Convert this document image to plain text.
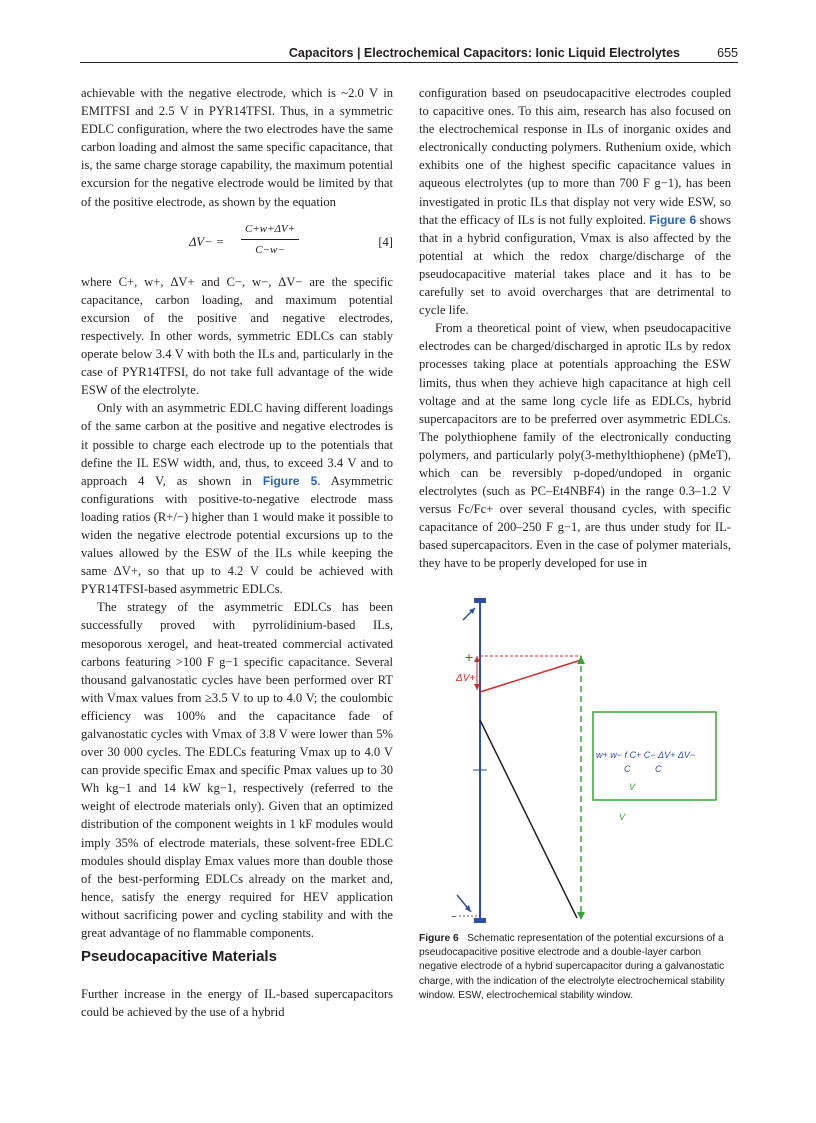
Capacitors | Electrochemical Capacitors: Ionic Liquid Electrolytes	655

achievable with the negative electrode, which is ~2.0 V in EMITFSI and 2.5 V in PYR14TFSI. Thus, in a symmetric EDLC configuration, where the two electrodes have the same carbon loading and almost the same specific capacitance, that is, the same charge storage capability, the maximum potential excursion for the negative electrode would be limited by that of the positive electrode, as shown by the equation

$\Delta V- = \frac{C+w+\Delta V+}{C-w-}$	[4]

where C+, w+, ΔV+ and C−, w−, ΔV− are the specific capacitance, carbon loading, and maximum potential excursion of the positive and negative electrodes, respectively. In other words, symmetric EDLCs can stably operate below 3.4 V with both the ILs and, particularly in the case of PYR14TFSI, do not take full advantage of the wide ESW of the electrolyte.

Only with an asymmetric EDLC having different loadings of the same carbon at the positive and negative electrodes is it possible to charge each electrode up to the potentials that define the IL ESW width, and, thus, to exceed 3.4 V and to approach 4 V, as shown in Figure 5. Asymmetric configurations with positive-to-negative electrode mass loading ratios (R+/−) higher than 1 would make it possible to widen the negative electrode potential excursions up to the values allowed by the ESW of the ILs while keeping the same ΔV+, so that up to 4.2 V could be achieved with PYR14TFSI-based asymmetric EDLCs.

The strategy of the asymmetric EDLCs has been successfully proved with pyrrolidinium-based ILs, mesoporous xerogel, and heat-treated commercial activated carbons featuring >100 F g−1 specific capacitance. Several thousand galvanostatic cycles have been performed over RT with Vmax values from ≥3.5 V to up to 4.0 V; the coulombic efficiency was 100% and the capacitance fade of galvanostatic cycles with Vmax of 3.8 V were lower than 5% over 30 000 cycles. The EDLCs featuring Vmax up to 4.0 V can provide specific Emax and specific Pmax values up to 30 Wh kg−1 and 14 kW kg−1, respectively (referred to the weight of electrode materials only). Given that an optimized distribution of the component weights in 1 kF modules would imply 35% of electrode materials, these solvent-free EDLC modules should display Emax values more than double those of the best-performing EDLCs already on the market and, hence, satisfy the energy required for HEV application without sacrificing power and cycling stability and with the great advantage of no flammable components.

Pseudocapacitive Materials
Further increase in the energy of IL-based supercapacitors could be achieved by the use of a hybrid

configuration based on pseudocapacitive electrodes coupled to capacitive ones. To this aim, research has also focused on the electrochemical response in ILs of inorganic oxides and electronically conducting polymers. Ruthenium oxide, which exhibits one of the highest specific capacitance values in aqueous electrolytes (up to more than 700 F g−1), has been investigated in protic ILs that display not very wide ESW, so that the efficacy of ILs is not fully exploited. Figure 6 shows that in a hybrid configuration, Vmax is also affected by the potential at which the redox charge/discharge of the pseudocapacitive material takes place and it has to be carefully set to avoid overcharges that are detrimental to cycle life.

From a theoretical point of view, when pseudocapacitive electrodes can be charged/discharged in aprotic ILs by redox processes taking place at potentials approaching the ESW limits, thus when they achieve high capacitance at high cell voltage and at the same long cycle life as EDLCs, hybrid supercapacitors are to be preferred over asymmetric EDLCs. The polythiophene family of the electronically conducting polymers, and particularly poly(3-methylthiophene) (pMeT), which can be reversibly p-doped/undoped in organic electrolytes (such as PC–Et4NBF4) in the range 0.3–1.2 V versus Fc/Fc+ over several thousand cycles, with specific capacitance of 200–250 F g−1, are thus under study for IL-based supercapacitors. Even in the case of polymer materials, they have to be properly developed for use in

+
ΔV+
−
w+ w− f C+ C− ΔV+ ΔV−
C	C
V
V
Figure 6 Schematic representation of the potential excursions of a pseudocapacitive positive electrode and a double-layer carbon negative electrode of a hybrid supercapacitor during a galvanostatic charge, with the indication of the electrolyte electrochemical stability window. ESW, electrochemical stability window.
